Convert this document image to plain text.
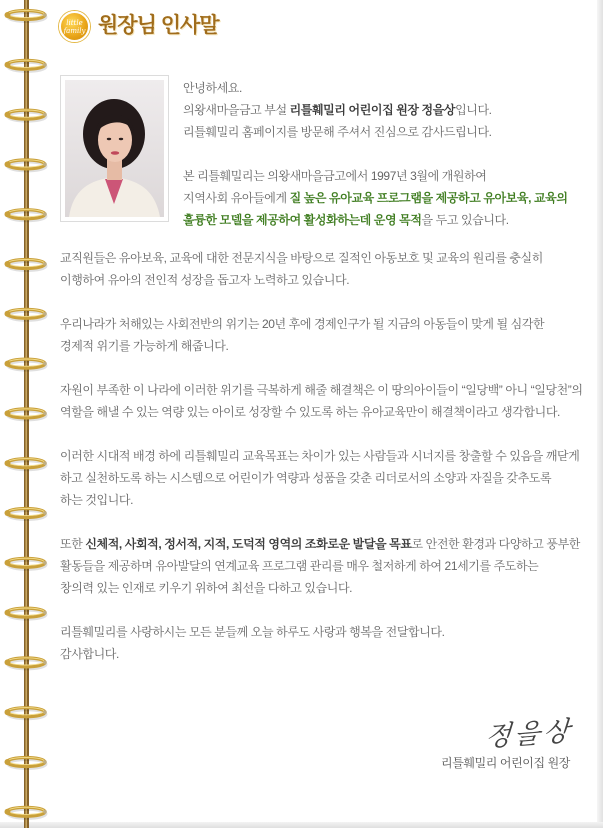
little
family 원장님 인사말
안녕하세요.
의왕새마을금고 부설 리틀훼밀리 어린이집 원장 정을상입니다.
리틀훼밀리 홈페이지를 방문해 주셔서 진심으로 감사드립니다.
본 리틀훼밀리는 의왕새마을금고에서 1997년 3월에 개원하여
지역사회 유아들에게 질 높은 유아교육 프로그램을 제공하고 유아보육, 교육의
훌륭한 모델을 제공하여 활성화하는데 운영 목적을 두고 있습니다.
교직원들은 유아보육, 교육에 대한 전문지식을 바탕으로 질적인 아동보호 및 교육의 원리를 충실히
이행하여 유아의 전인적 성장을 돕고자 노력하고 있습니다.
우리나라가 처해있는 사회전반의 위기는 20년 후에 경제인구가 될 지금의 아동들이 맞게 될 심각한
경제적 위기를 가능하게 해줍니다.
자원이 부족한 이 나라에 이러한 위기를 극복하게 해줄 해결책은 이 땅의아이들이 “일당백” 아니 “일당천”의
역할을 해낼 수 있는 역량 있는 아이로 성장할 수 있도록 하는 유아교육만이 해결책이라고 생각합니다.
이러한 시대적 배경 하에 리틀훼밀리 교육목표는 차이가 있는 사람들과 시너지를 창출할 수 있음을 깨닫게
하고 실천하도록 하는 시스템으로 어린이가 역량과 성품을 갖춘 리더로서의 소양과 자질을 갖추도록
하는 것입니다.
또한 신체적, 사회적, 정서적, 지적, 도덕적 영역의 조화로운 발달을 목표로 안전한 환경과 다양하고 풍부한
활동들을 제공하며 유아발달의 연계교육 프로그램 관리를 매우 철저하게 하여 21세기를 주도하는
창의력 있는 인재로 키우기 위하여 최선을 다하고 있습니다.
리틀훼밀리를 사랑하시는 모든 분들께 오늘 하루도 사랑과 행복을 전달합니다.
감사합니다.
정을상
리틀훼밀리 어린이집 원장
